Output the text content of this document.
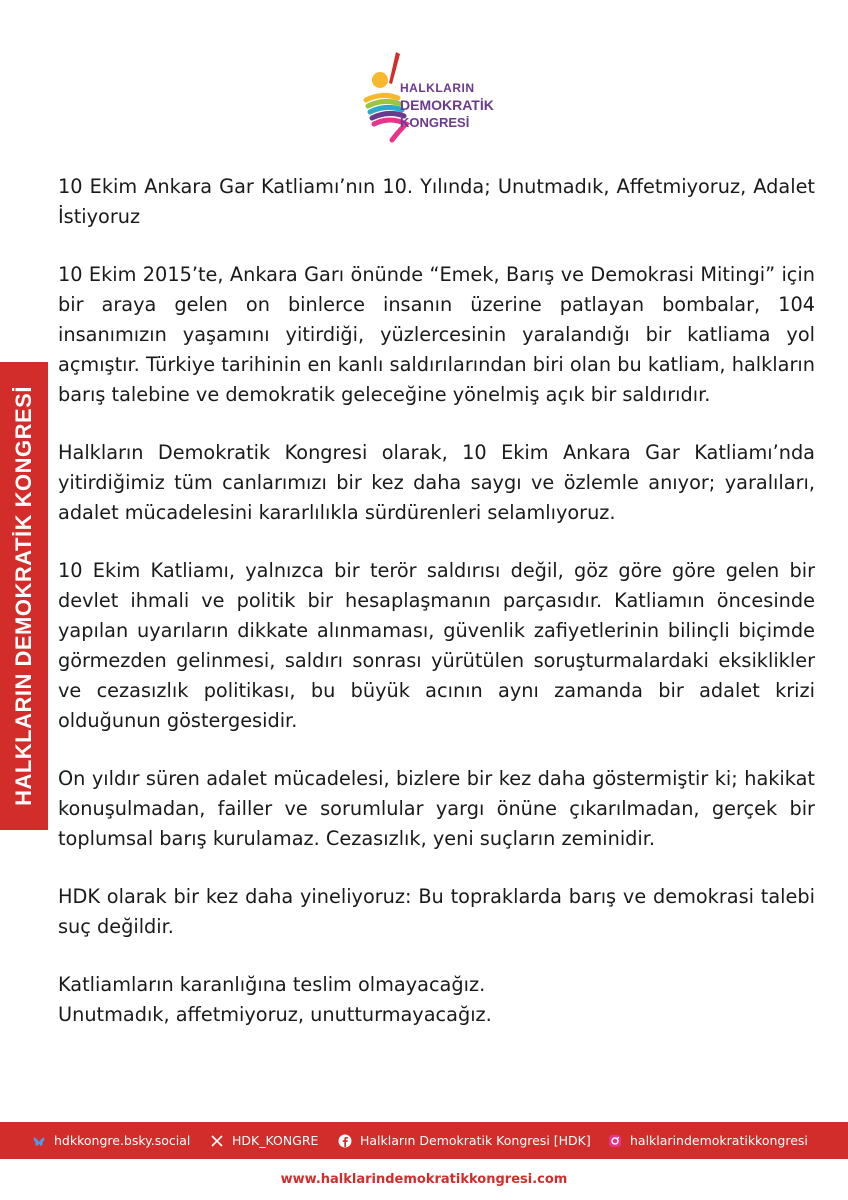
HALKLARIN
DEMOKRATİK
KONGRESİ
HALKLARIN DEMOKRATİK KONGRESİ

10 Ekim Ankara Gar Katliamı’nın 10. Yılında; Unutmadık, Affetmiyoruz, Adalet İstiyoruz

10 Ekim 2015’te, Ankara Garı önünde “Emek, Barış ve Demokrasi Mitingi” için bir araya gelen on binlerce insanın üzerine patlayan bombalar, 104 insanımızın yaşamını yitirdiği, yüzlercesinin yaralandığı bir katliama yol açmıştır. Türkiye tarihinin en kanlı saldırılarından biri olan bu katliam, halkların barış talebine ve demokratik geleceğine yönelmiş açık bir saldırıdır.

Halkların Demokratik Kongresi olarak, 10 Ekim Ankara Gar Katliamı’nda yitirdiğimiz tüm canlarımızı bir kez daha saygı ve özlemle anıyor; yaralıları, adalet mücadelesini kararlılıkla sürdürenleri selamlıyoruz.

10 Ekim Katliamı, yalnızca bir terör saldırısı değil, göz göre göre gelen bir devlet ihmali ve politik bir hesaplaşmanın parçasıdır. Katliamın öncesinde yapılan uyarıların dikkate alınmaması, güvenlik zafiyetlerinin bilinçli biçimde görmezden gelinmesi, saldırı sonrası yürütülen soruşturmalardaki eksiklikler ve cezasızlık politikası, bu büyük acının aynı zamanda bir adalet krizi olduğunun göstergesidir.

On yıldır süren adalet mücadelesi, bizlere bir kez daha göstermiştir ki; hakikat konuşulmadan, failler ve sorumlular yargı önüne çıkarılmadan, gerçek bir toplumsal barış kurulamaz. Cezasızlık, yeni suçların zeminidir.

HDK olarak bir kez daha yineliyoruz: Bu topraklarda barış ve demokrasi talebi suç değildir.

Katliamların karanlığına teslim olmayacağız.
Unutmadık, affetmiyoruz, unutturmayacağız.

hdkkongre.bsky.social	HDK_KONGRE	Halkların Demokratik Kongresi [HDK]	halklarindemokratikkongresi
www.halklarindemokratikkongresi.com
